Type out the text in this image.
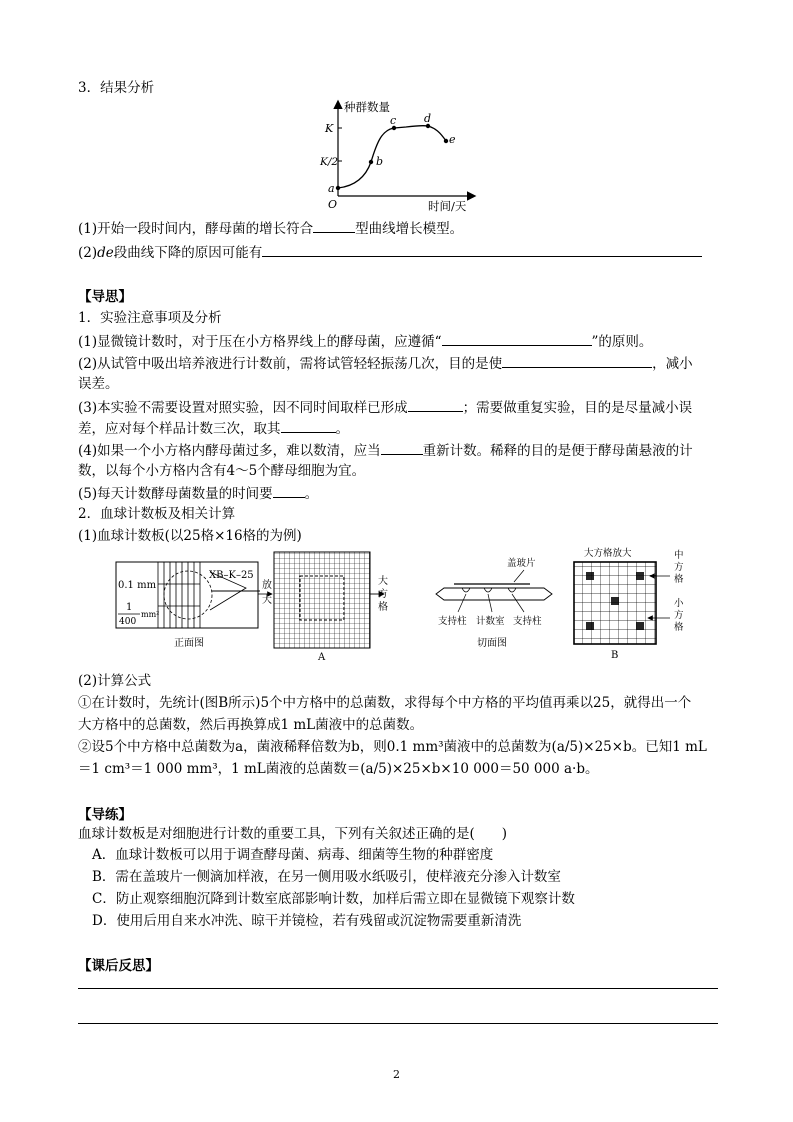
3．结果分析
种群数量
时间/天
K
K/2
a
O
b
c	d
e
(1)开始一段时间内，酵母菌的增长符合	型曲线增长模型。
(2)de段曲线下降的原因可能有
【导思】
1．实验注意事项及分析
(1)显微镜计数时，对于压在小方格界线上的酵母菌，应遵循“	”的原则。
(2)从试管中吸出培养液进行计数前，需将试管轻轻振荡几次，目的是使	，减小
误差。
(3)本实验不需要设置对照实验，因不同时间取样已形成	；需要做重复实验，目的是尽量减小误
差，应对每个样品计数三次，取其	。
(4)如果一个小方格内酵母菌过多，难以数清，应当	重新计数。稀释的目的是便于酵母菌悬液的计
数，以每个小方格内含有4～5个酵母细胞为宜。
(5)每天计数酵母菌数量的时间要 。
2．血球计数板及相关计算
(1)血球计数板(以25格×16格的为例)
0.1 mm
1
400
mm²
XB–K–25
正面图
放
大
大
方
格
A
盖玻片
支持柱 计数室 支持柱
切面图
大方格放大	中
方
格
小
方
格
B
(2)计算公式
①在计数时，先统计(图B所示)5个中方格中的总菌数，求得每个中方格的平均值再乘以25，就得出一个
大方格中的总菌数，然后再换算成1 mL菌液中的总菌数。
②设5个中方格中总菌数为a，菌液稀释倍数为b，则0.1 mm³菌液中的总菌数为(a/5)×25×b。已知1 mL
＝1 cm³＝1 000 mm³，1 mL菌液的总菌数＝(a/5)×25×b×10 000＝50 000 a·b。
【导练】
血球计数板是对细胞进行计数的重要工具，下列有关叙述正确的是(　　)
A．血球计数板可以用于调查酵母菌、病毒、细菌等生物的种群密度
B．需在盖玻片一侧滴加样液，在另一侧用吸水纸吸引，使样液充分渗入计数室
C．防止观察细胞沉降到计数室底部影响计数，加样后需立即在显微镜下观察计数
D．使用后用自来水冲洗、晾干并镜检，若有残留或沉淀物需要重新清洗
【课后反思】
2
